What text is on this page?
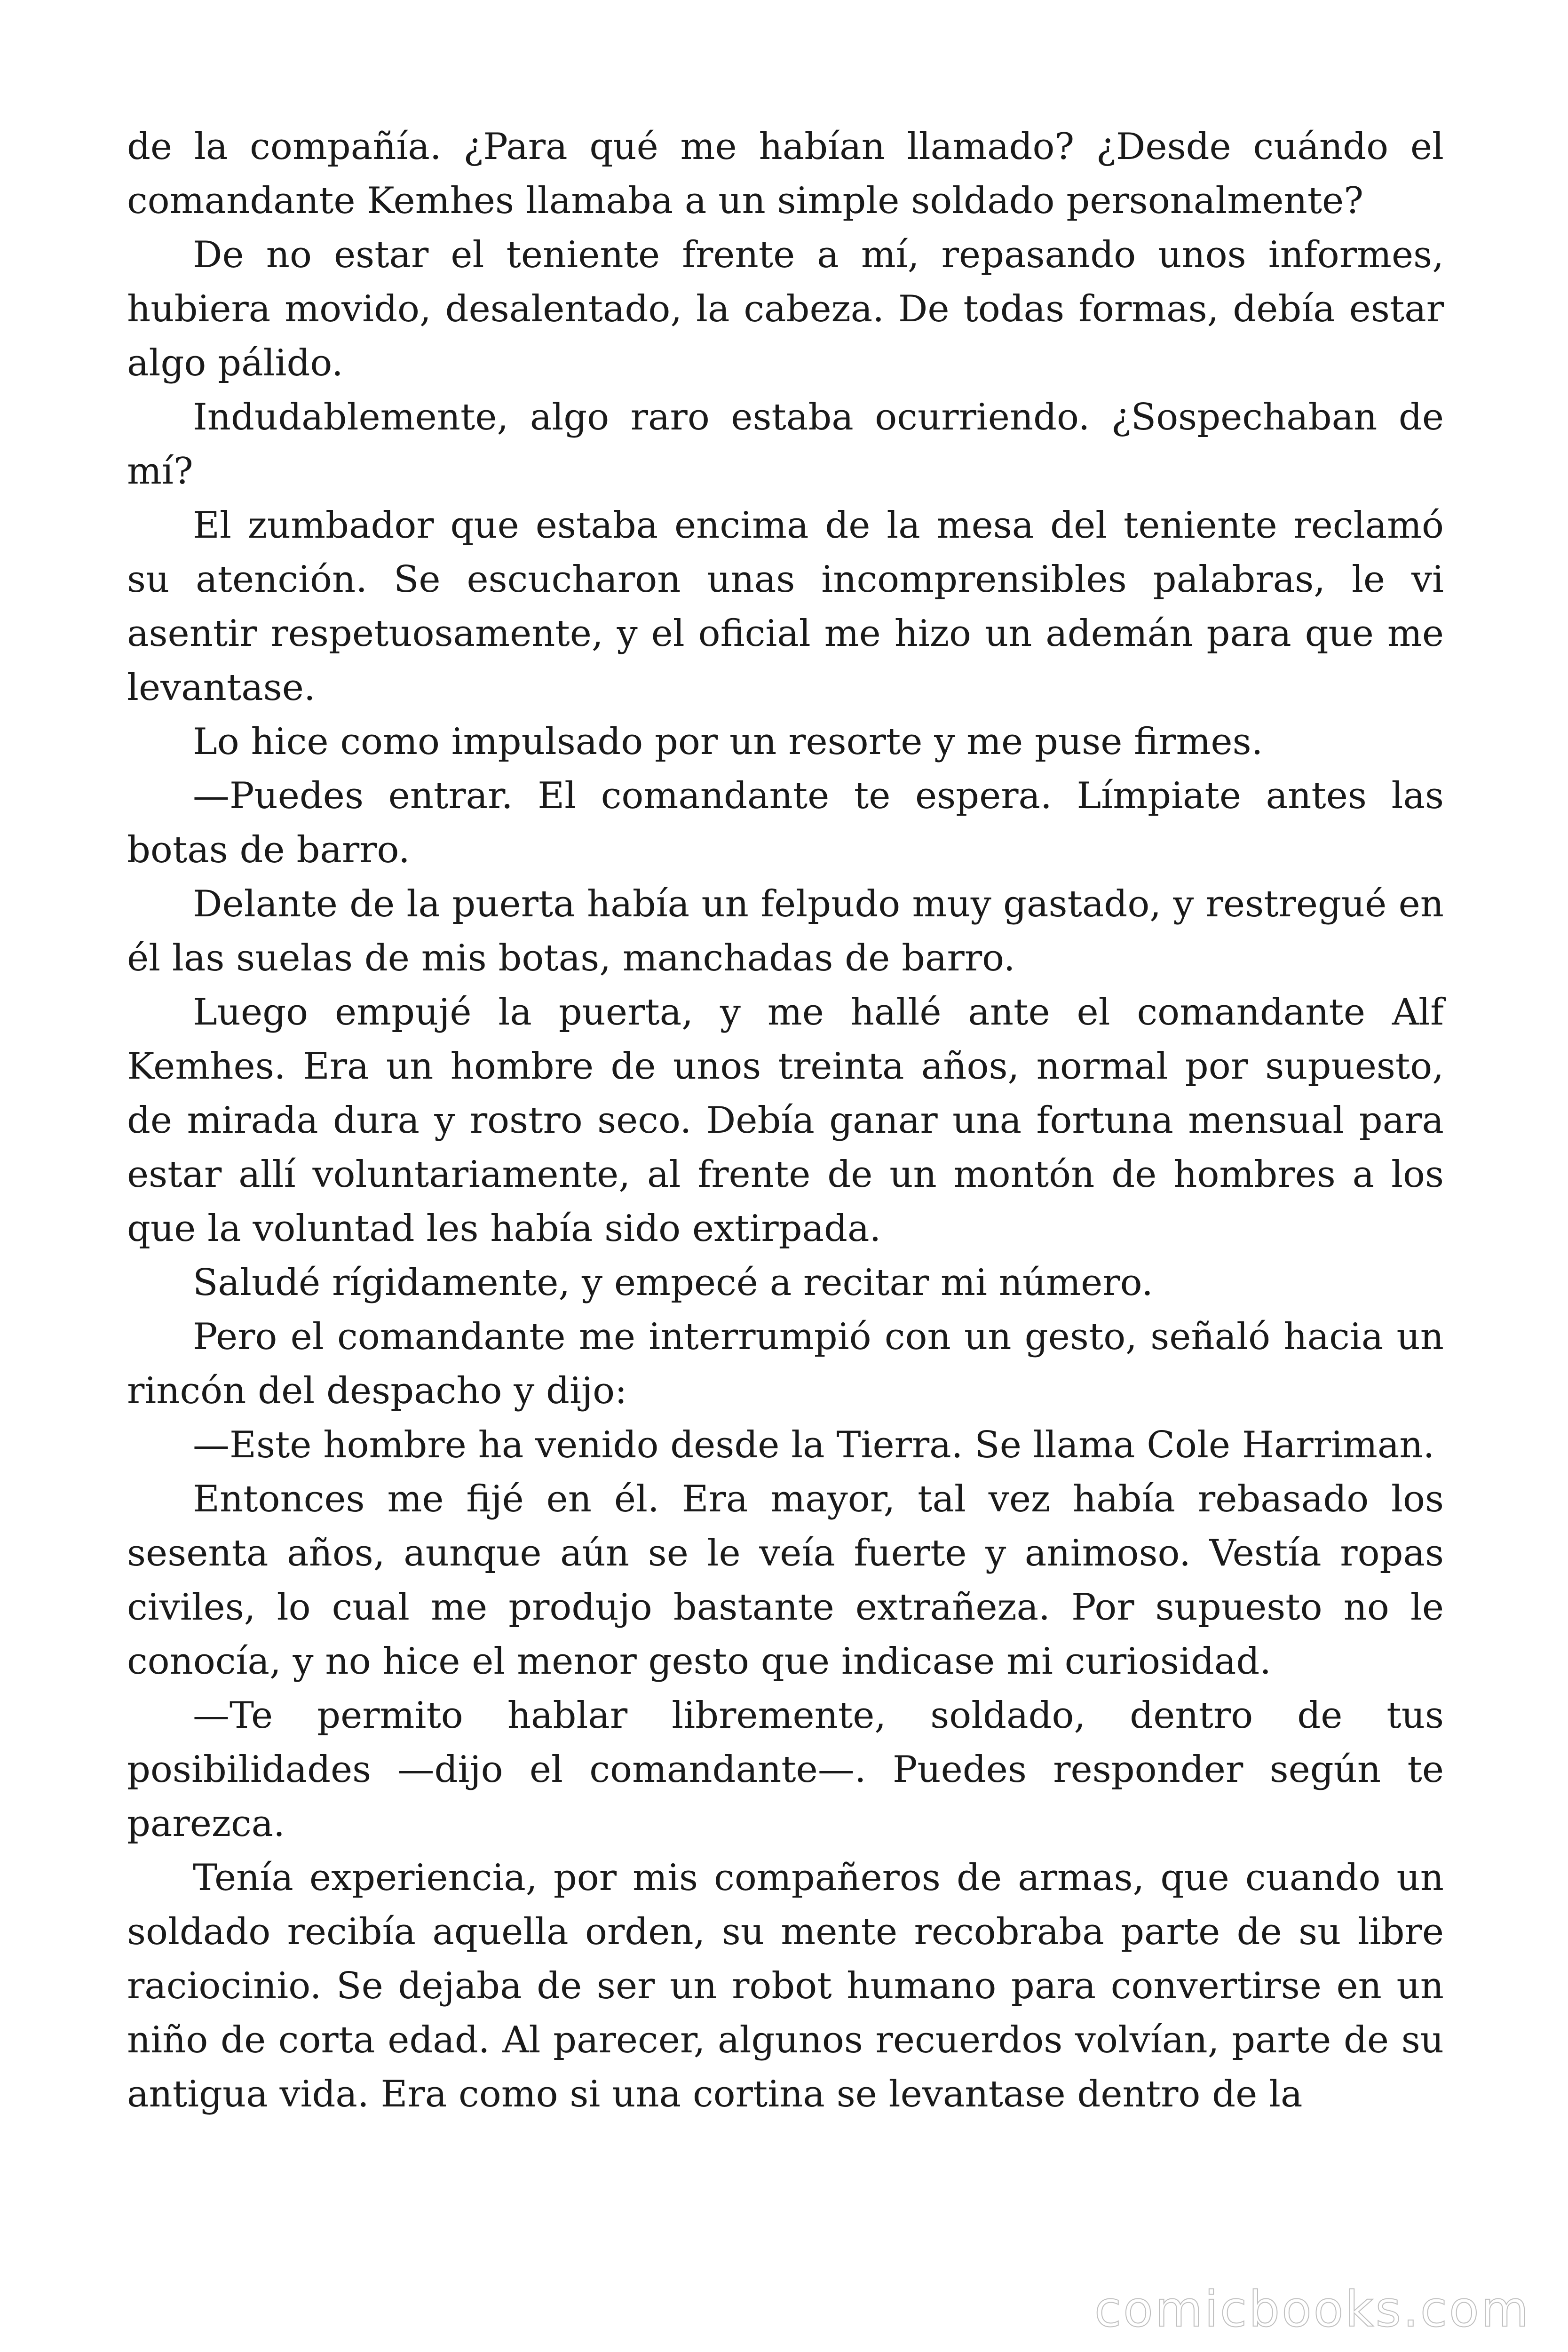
de la compañía. ¿Para qué me habían llamado? ¿Desde cuándo el comandante Kemhes llamaba a un simple soldado personalmente?

De no estar el teniente frente a mí, repasando unos informes, hubiera movido, desalentado, la cabeza. De todas formas, debía estar algo pálido.

Indudablemente, algo raro estaba ocurriendo. ¿Sospechaban de mí?

El zumbador que estaba encima de la mesa del teniente reclamó su atención. Se escucharon unas incomprensibles palabras, le vi asentir respetuosamente, y el oficial me hizo un ademán para que me levantase.

Lo hice como impulsado por un resorte y me puse firmes.

—Puedes entrar. El comandante te espera. Límpiate antes las botas de barro.

Delante de la puerta había un felpudo muy gastado, y restregué en él las suelas de mis botas, manchadas de barro.

Luego empujé la puerta, y me hallé ante el comandante Alf Kemhes. Era un hombre de unos treinta años, normal por supuesto, de mirada dura y rostro seco. Debía ganar una fortuna mensual para estar allí voluntariamente, al frente de un montón de hombres a los que la voluntad les había sido extirpada.

Saludé rígidamente, y empecé a recitar mi número.

Pero el comandante me interrumpió con un gesto, señaló hacia un rincón del despacho y dijo:

—Este hombre ha venido desde la Tierra. Se llama Cole Harriman.

Entonces me fijé en él. Era mayor, tal vez había rebasado los sesenta años, aunque aún se le veía fuerte y animoso. Vestía ropas civiles, lo cual me produjo bastante extrañeza. Por supuesto no le conocía, y no hice el menor gesto que indicase mi curiosidad.

—Te permito hablar libremente, soldado, dentro de tus posibilidades —dijo el comandante—. Puedes responder según te parezca.

Tenía experiencia, por mis compañeros de armas, que cuando un soldado recibía aquella orden, su mente recobraba parte de su libre raciocinio. Se dejaba de ser un robot humano para convertirse en un niño de corta edad. Al parecer, algunos recuerdos volvían, parte de su antigua vida. Era como si una cortina se levantase dentro de la

comicbooks.com
